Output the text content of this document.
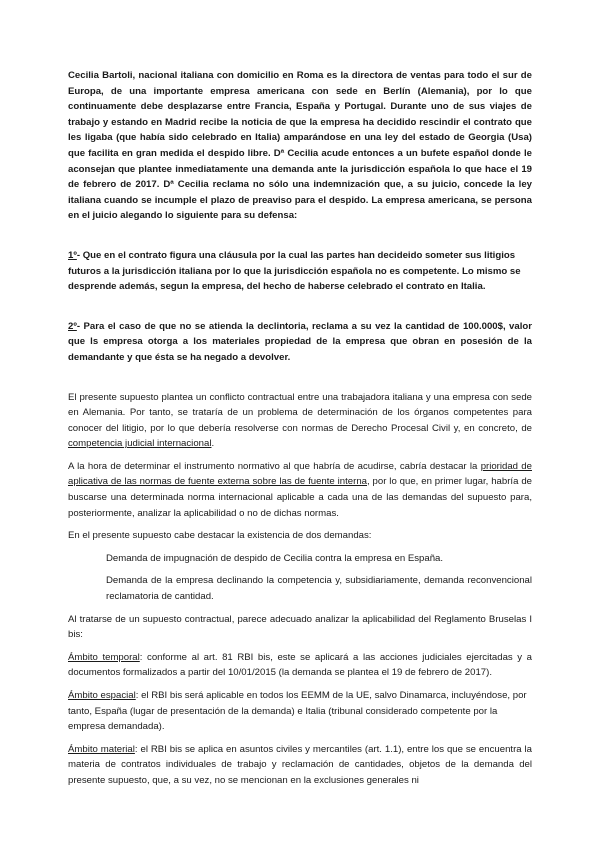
Cecilia Bartoli, nacional italiana con domicilio en Roma es la directora de ventas para todo el sur de Europa, de una importante empresa americana con sede en Berlín (Alemania), por lo que continuamente debe desplazarse entre Francia, España y Portugal. Durante uno de sus viajes de trabajo y estando en Madrid recibe la noticia de que la empresa ha decidido rescindir el contrato que les ligaba (que había sido celebrado en Italia) amparándose en una ley del estado de Georgia (Usa) que facilita en gran medida el despido libre. Dª Cecilia acude entonces a un bufete español donde le aconsejan que plantee inmediatamente una demanda ante la jurisdicción española lo que hace el 19 de febrero de 2017. Dª Cecilia reclama no sólo una indemnización que, a su juicio, concede la ley italiana cuando se incumple el plazo de preaviso para el despido. La empresa americana, se persona en el juicio alegando lo siguiente para su defensa:

1º- Que en el contrato figura una cláusula por la cual las partes han decideido someter sus litigios futuros a la jurisdicción italiana por lo que la jurisdicción española no es competente. Lo mismo se desprende además, segun la empresa, del hecho de haberse celebrado el contrato en Italia.

2º- Para el caso de que no se atienda la declintoria, reclama a su vez la cantidad de 100.000$, valor que ls empresa otorga a los materiales propiedad de la empresa que obran en posesión de la demandante y que ésta se ha negado a devolver.

El presente supuesto plantea un conflicto contractual entre una trabajadora italiana y una empresa con sede en Alemania. Por tanto, se trataría de un problema de determinación de los órganos competentes para conocer del litigio, por lo que debería resolverse con normas de Derecho Procesal Civil y, en concreto, de competencia judicial internacional.

A la hora de determinar el instrumento normativo al que habría de acudirse, cabría destacar la prioridad de aplicativa de las normas de fuente externa sobre las de fuente interna, por lo que, en primer lugar, habría de buscarse una determinada norma internacional aplicable a cada una de las demandas del supuesto para, posteriormente, analizar la aplicabilidad o no de dichas normas.

En el presente supuesto cabe destacar la existencia de dos demandas:

Demanda de impugnación de despido de Cecilia contra la empresa en España.

Demanda de la empresa declinando la competencia y, subsidiariamente, demanda reconvencional reclamatoria de cantidad.

Al tratarse de un supuesto contractual, parece adecuado analizar la aplicabilidad del Reglamento Bruselas I bis:

Ámbito temporal: conforme al art. 81 RBI bis, este se aplicará a las acciones judiciales ejercitadas y a documentos formalizados a partir del 10/01/2015 (la demanda se plantea el 19 de febrero de 2017).

Ámbito espacial: el RBI bis será aplicable en todos los EEMM de la UE, salvo Dinamarca, incluyéndose, por tanto, España (lugar de presentación de la demanda) e Italia (tribunal considerado competente por la empresa demandada).

Ámbito material: el RBI bis se aplica en asuntos civiles y mercantiles (art. 1.1), entre los que se encuentra la materia de contratos individuales de trabajo y reclamación de cantidades, objetos de la demanda del presente supuesto, que, a su vez, no se mencionan en la exclusiones generales ni
